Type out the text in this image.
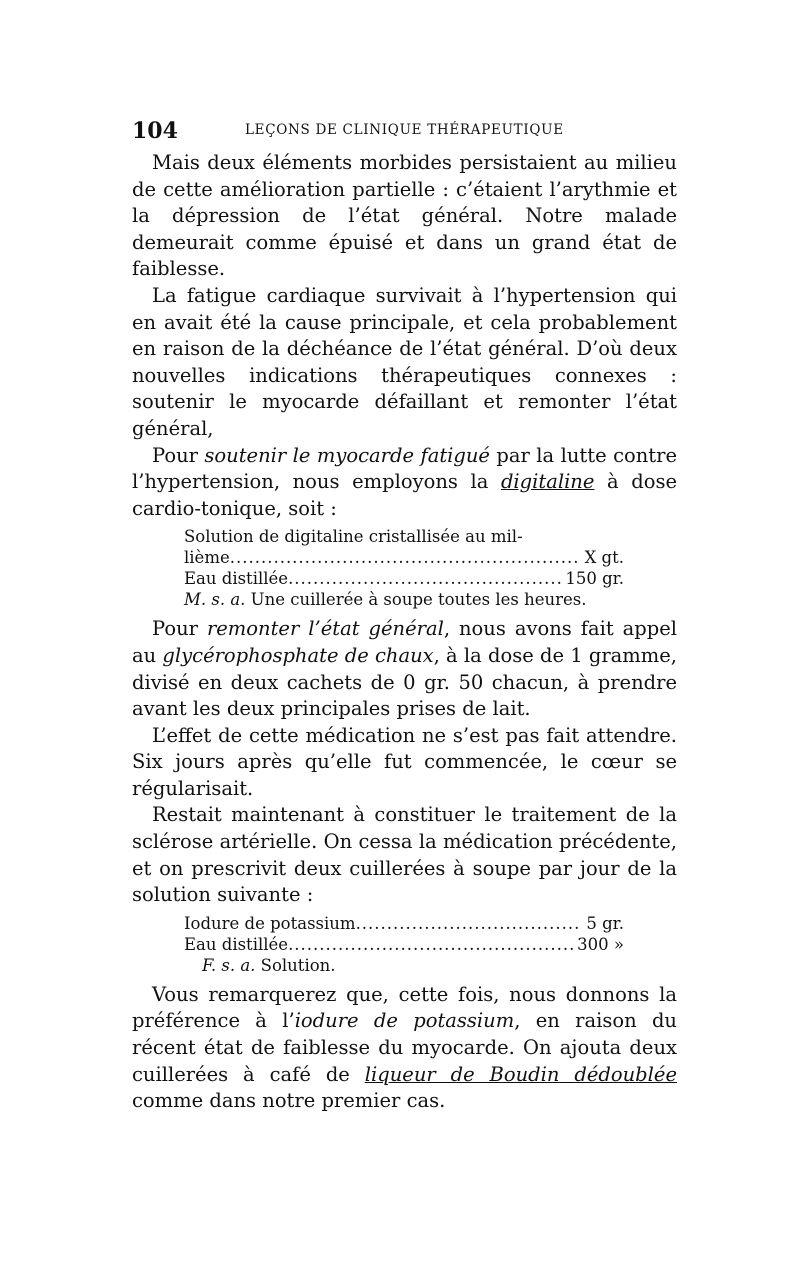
104	LEÇONS DE CLINIQUE THÉRAPEUTIQUE

Mais deux éléments morbides persistaient au milieu de cette amélioration partielle : c’étaient l’arythmie et la dépression de l’état général. Notre malade demeurait comme épuisé et dans un grand état de faiblesse.

La fatigue cardiaque survivait à l’hypertension qui en avait été la cause principale, et cela probablement en raison de la déchéance de l’état général. D’où deux nouvelles indications thérapeutiques connexes : soutenir le myocarde défaillant et remonter l’état général,

Pour soutenir le myocarde fatigué par la lutte contre l’hypertension, nous employons la digitaline à dose cardio-tonique, soit :

Solution de digitaline cristallisée au mil-
lième .....	X gt.
Eau distillée .....	150 gr.
M. s. a. Une cuillerée à soupe toutes les heures.

Pour remonter l’état général, nous avons fait appel au glycérophosphate de chaux, à la dose de 1 gramme, divisé en deux cachets de 0 gr. 50 chacun, à prendre avant les deux principales prises de lait.

L’effet de cette médication ne s’est pas fait attendre. Six jours après qu’elle fut commencée, le cœur se régularisait.

Restait maintenant à constituer le traitement de la sclérose artérielle. On cessa la médication précédente, et on prescrivit deux cuillerées à soupe par jour de la solution suivante :

Iodure de potassium .....	5 gr.
Eau distillée .....	300 »
F. s. a. Solution.

Vous remarquerez que, cette fois, nous donnons la préférence à l’iodure de potassium, en raison du récent état de faiblesse du myocarde. On ajouta deux cuillerées à café de liqueur de Boudin dédoublée comme dans notre premier cas.
